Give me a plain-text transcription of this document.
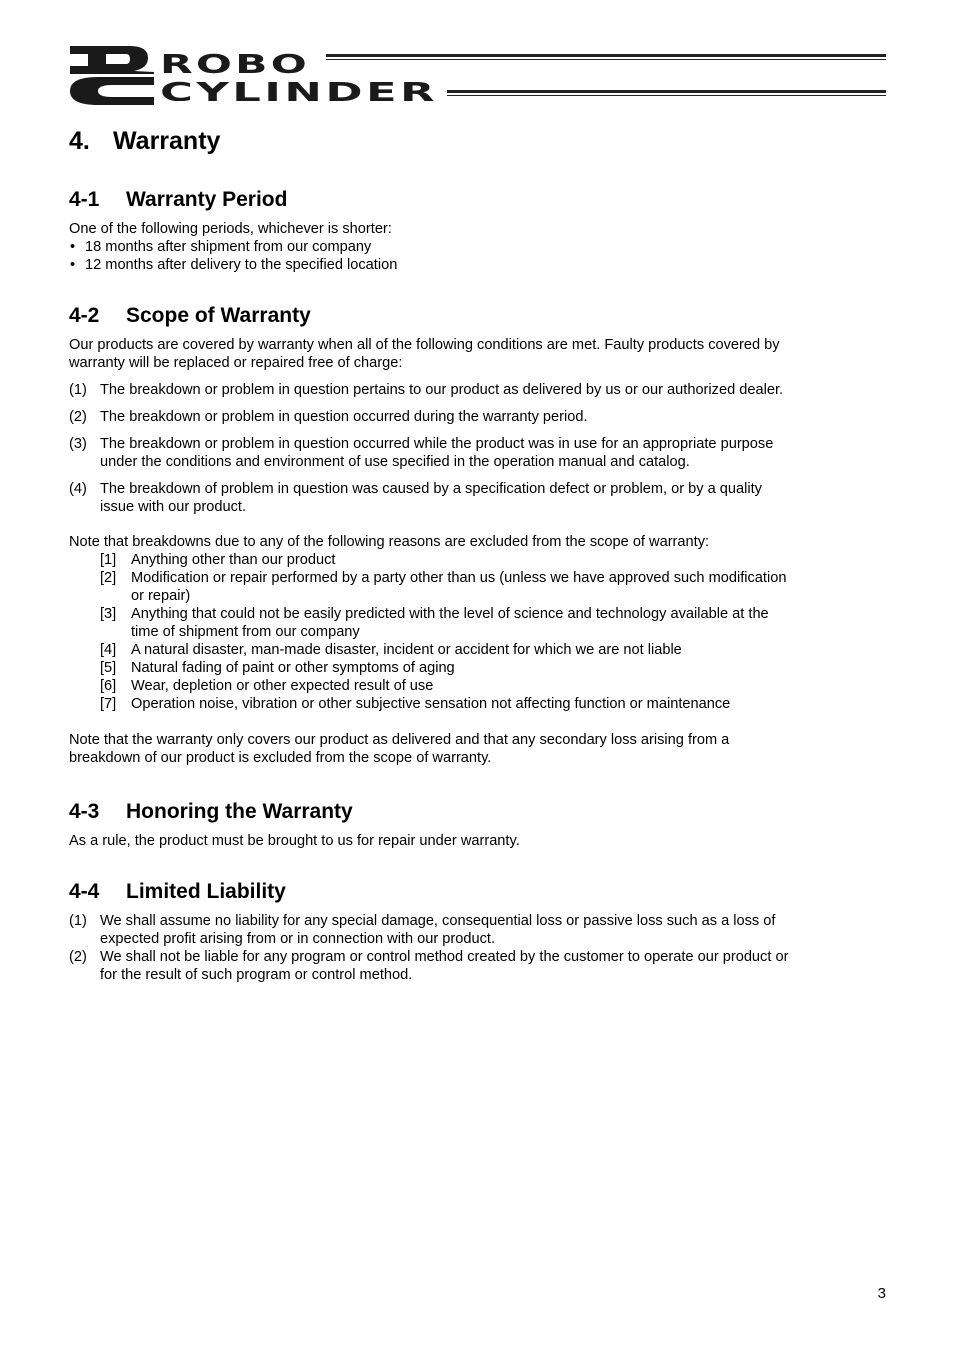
ROBO
CYLINDER
4. Warranty
4-1 Warranty Period

One of the following periods, whichever is shorter:

• 18 months after shipment from our company
• 12 months after delivery to the specified location
4-2 Scope of Warranty

Our products are covered by warranty when all of the following conditions are met. Faulty products covered by warranty will be replaced or repaired free of charge:

(1) The breakdown or problem in question pertains to our product as delivered by us or our authorized dealer.
(2) The breakdown or problem in question occurred during the warranty period.
(3) The breakdown or problem in question occurred while the product was in use for an appropriate purpose under the conditions and environment of use specified in the operation manual and catalog.
(4) The breakdown of problem in question was caused by a specification defect or problem, or by a quality issue with our product.

Note that breakdowns due to any of the following reasons are excluded from the scope of warranty:

[1] Anything other than our product
[2] Modification or repair performed by a party other than us (unless we have approved such modification or repair)
[3] Anything that could not be easily predicted with the level of science and technology available at the time of shipment from our company
[4] A natural disaster, man-made disaster, incident or accident for which we are not liable
[5] Natural fading of paint or other symptoms of aging
[6] Wear, depletion or other expected result of use
[7] Operation noise, vibration or other subjective sensation not affecting function or maintenance

Note that the warranty only covers our product as delivered and that any secondary loss arising from a breakdown of our product is excluded from the scope of warranty.

4-3 Honoring the Warranty

As a rule, the product must be brought to us for repair under warranty.

4-4 Limited Liability
(1) We shall assume no liability for any special damage, consequential loss or passive loss such as a loss of expected profit arising from or in connection with our product.
(2) We shall not be liable for any program or control method created by the customer to operate our product or for the result of such program or control method.
3
